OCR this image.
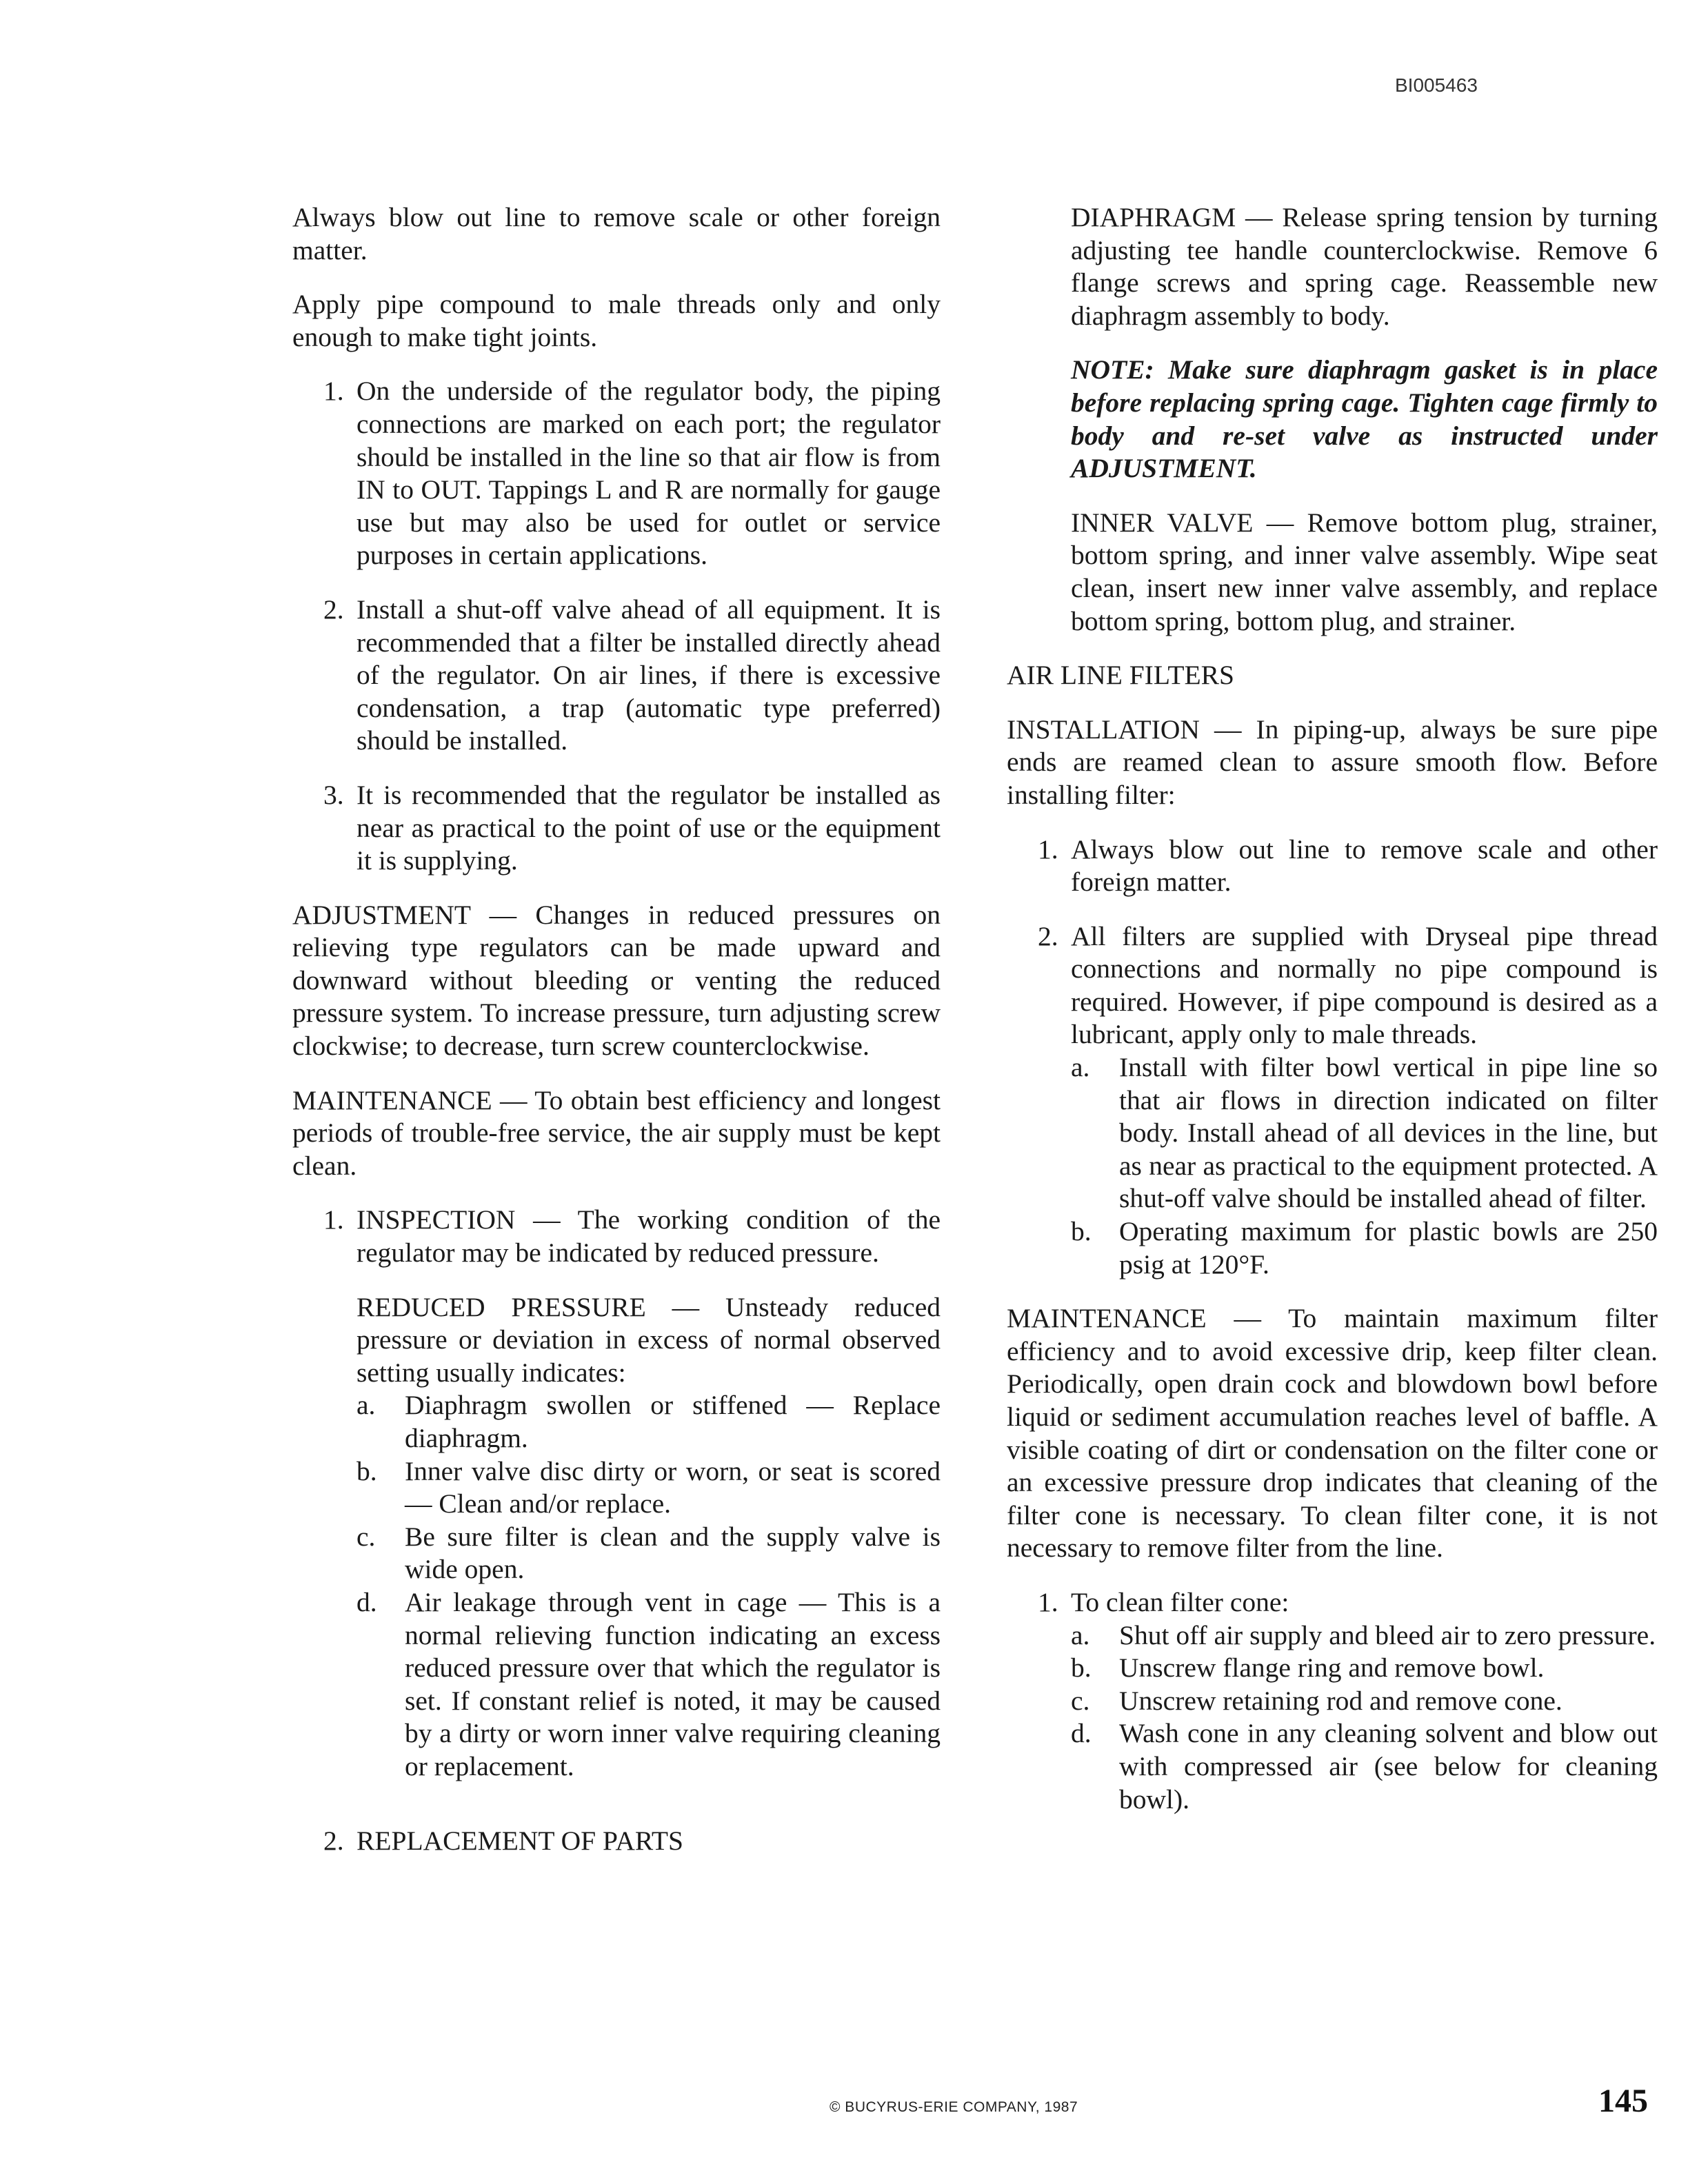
BI005463

Always blow out line to remove scale or other foreign matter.

Apply pipe compound to male threads only and only enough to make tight joints.

1. On the underside of the regulator body, the piping connections are marked on each port; the regulator should be installed in the line so that air flow is from IN to OUT. Tappings L and R are normally for gauge use but may also be used for outlet or service purposes in certain applications.
2. Install a shut-off valve ahead of all equipment. It is recommended that a filter be installed directly ahead of the regulator. On air lines, if there is excessive condensation, a trap (automatic type preferred) should be installed.
3. It is recommended that the regulator be installed as near as practical to the point of use or the equipment it is supplying.

ADJUSTMENT — Changes in reduced pressures on relieving type regulators can be made upward and downward without bleeding or venting the reduced pressure system. To increase pressure, turn adjusting screw clockwise; to decrease, turn screw counterclockwise.

MAINTENANCE — To obtain best efficiency and longest periods of trouble-free service, the air supply must be kept clean.

1. INSPECTION — The working condition of the regulator may be indicated by reduced pressure.

REDUCED PRESSURE — Unsteady reduced pressure or deviation in excess of normal observed setting usually indicates:

a.	Diaphragm swollen or stiffened — Replace diaphragm.
b.	Inner valve disc dirty or worn, or seat is scored — Clean and/or replace.
c.	Be sure filter is clean and the supply valve is wide open.
d.	Air leakage through vent in cage — This is a normal relieving function indicating an excess reduced pressure over that which the regulator is set. If constant relief is noted, it may be caused by a dirty or worn inner valve requiring cleaning or replacement.
2. REPLACEMENT OF PARTS

DIAPHRAGM — Release spring tension by turning adjusting tee handle counterclockwise. Remove 6 flange screws and spring cage. Reassemble new diaphragm assembly to body.

NOTE: Make sure diaphragm gasket is in place before replacing spring cage. Tighten cage firmly to body and re-set valve as instructed under ADJUSTMENT.

INNER VALVE — Remove bottom plug, strainer, bottom spring, and inner valve assembly. Wipe seat clean, insert new inner valve assembly, and replace bottom spring, bottom plug, and strainer.

AIR LINE FILTERS

INSTALLATION — In piping-up, always be sure pipe ends are reamed clean to assure smooth flow. Before installing filter:

1. Always blow out line to remove scale and other foreign matter.
2. All filters are supplied with Dryseal pipe thread connections and normally no pipe compound is required. However, if pipe compound is desired as a lubricant, apply only to male threads.
a.	Install with filter bowl vertical in pipe line so that air flows in direction indicated on filter body. Install ahead of all devices in the line, but as near as practical to the equipment protected. A shut-off valve should be installed ahead of filter.
b.	Operating maximum for plastic bowls are 250 psig at 120°F.

MAINTENANCE — To maintain maximum filter efficiency and to avoid excessive drip, keep filter clean. Periodically, open drain cock and blowdown bowl before liquid or sediment accumulation reaches level of baffle. A visible coating of dirt or condensation on the filter cone or an excessive pressure drop indicates that cleaning of the filter cone is necessary. To clean filter cone, it is not necessary to remove filter from the line.

1. To clean filter cone:
a.	Shut off air supply and bleed air to zero pressure.
b.	Unscrew flange ring and remove bowl.
c.	Unscrew retaining rod and remove cone.
d.	Wash cone in any cleaning solvent and blow out with compressed air (see below for cleaning bowl).
© BUCYRUS-ERIE COMPANY, 1987	145
